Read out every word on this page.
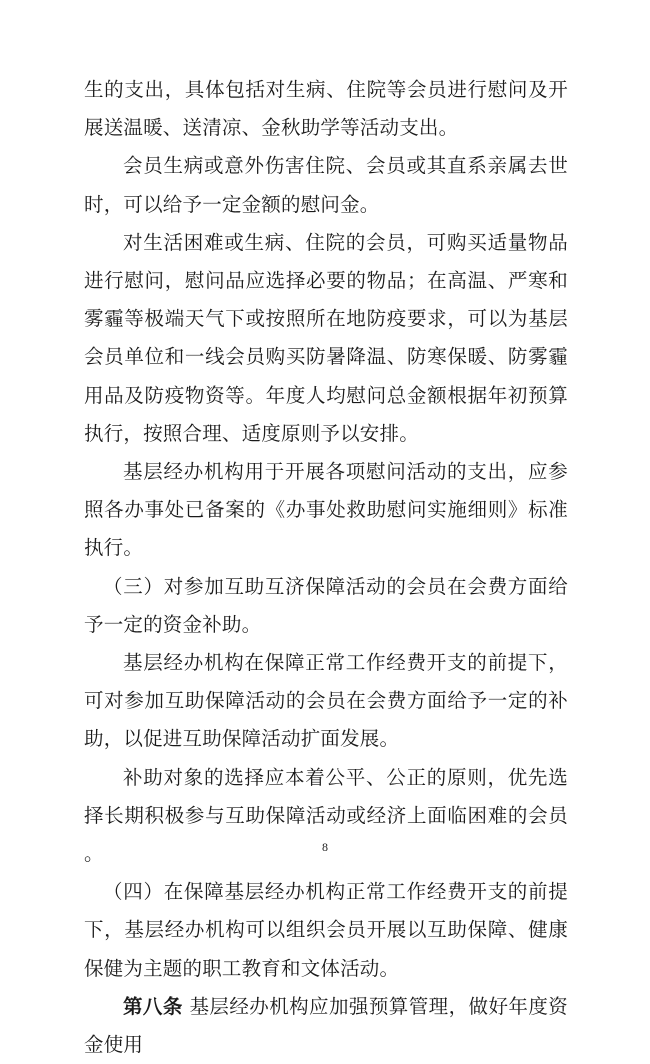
生的支出，具体包括对生病、住院等会员进行慰问及开展送温暖、送清凉、金秋助学等活动支出。

会员生病或意外伤害住院、会员或其直系亲属去世时，可以给予一定金额的慰问金。

对生活困难或生病、住院的会员，可购买适量物品进行慰问，慰问品应选择必要的物品；在高温、严寒和雾霾等极端天气下或按照所在地防疫要求，可以为基层会员单位和一线会员购买防暑降温、防寒保暖、防雾霾用品及防疫物资等。年度人均慰问总金额根据年初预算执行，按照合理、适度原则予以安排。

基层经办机构用于开展各项慰问活动的支出，应参照各办事处已备案的《办事处救助慰问实施细则》标准执行。

（三）对参加互助互济保障活动的会员在会费方面给予一定的资金补助。

基层经办机构在保障正常工作经费开支的前提下，可对参加互助保障活动的会员在会费方面给予一定的补助，以促进互助保障活动扩面发展。

补助对象的选择应本着公平、公正的原则，优先选择长期积极参与互助保障活动或经济上面临困难的会员。

（四）在保障基层经办机构正常工作经费开支的前提下，基层经办机构可以组织会员开展以互助保障、健康保健为主题的职工教育和文体活动。

第八条 基层经办机构应加强预算管理，做好年度资金使用

8
